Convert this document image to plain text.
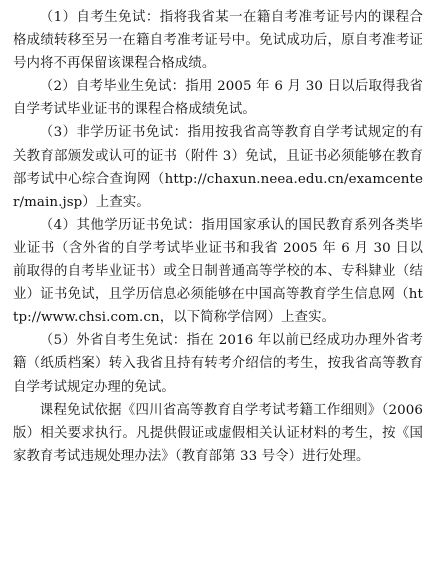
（1）自考生免试：指将我省某一在籍自考准考证号内的课程合格成绩转移至另一在籍自考准考证号中。免试成功后，原自考准考证号内将不再保留该课程合格成绩。

（2）自考毕业生免试：指用 2005 年 6 月 30 日以后取得我省自学考试毕业证书的课程合格成绩免试。

（3）非学历证书免试：指用按我省高等教育自学考试规定的有关教育部颁发或认可的证书（附件 3）免试，且证书必须能够在教育部考试中心综合查询网（http://chaxun.neea.edu.cn/examcenter/main.jsp）上查实。

（4）其他学历证书免试：指用国家承认的国民教育系列各类毕业证书（含外省的自学考试毕业证书和我省 2005 年 6 月 30 日以前取得的自考毕业证书）或全日制普通高等学校的本、专科肄业（结业）证书免试，且学历信息必须能够在中国高等教育学生信息网（http://www.chsi.com.cn，以下简称学信网）上查实。

（5）外省自考生免试：指在 2016 年以前已经成功办理外省考籍（纸质档案）转入我省且持有转考介绍信的考生，按我省高等教育自学考试规定办理的免试。

课程免试依据《四川省高等教育自学考试考籍工作细则》（2006 版）相关要求执行。凡提供假证或虚假相关认证材料的考生，按《国家教育考试违规处理办法》（教育部第 33 号令）进行处理。
